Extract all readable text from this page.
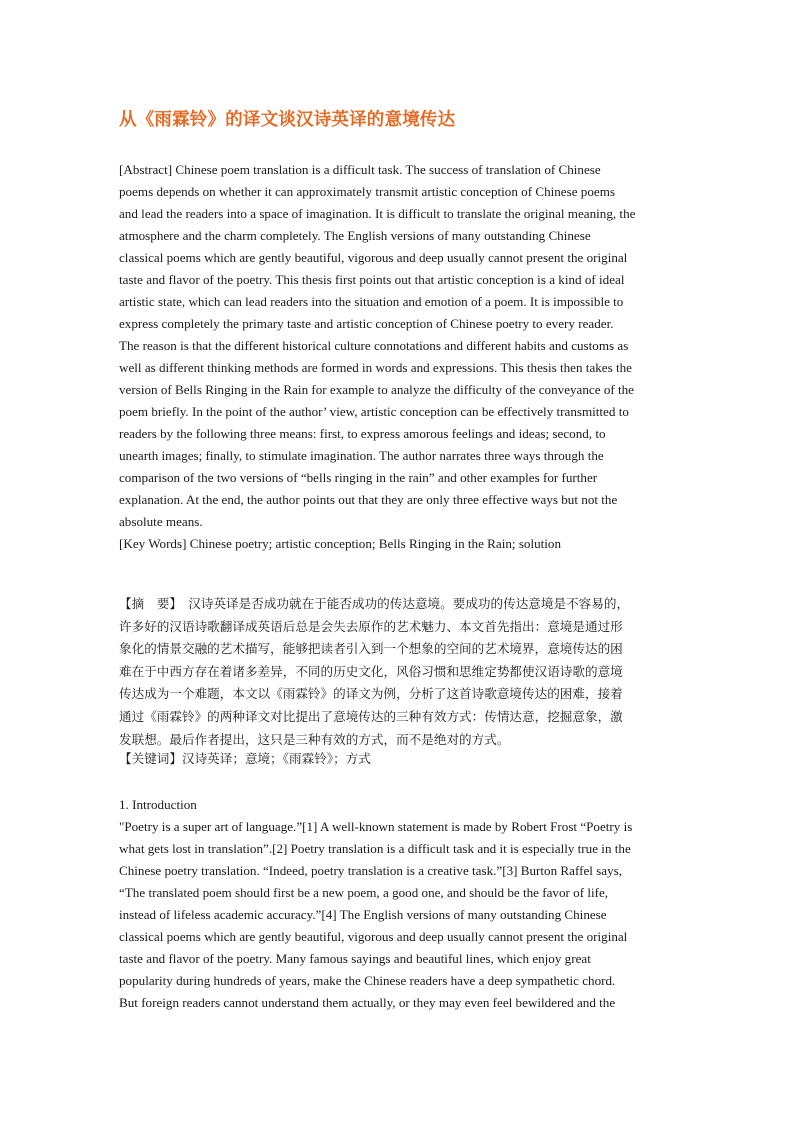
从《雨霖铃》的译文谈汉诗英译的意境传达
[Abstract] Chinese poem translation is a difficult task. The success of translation of Chinese
poems depends on whether it can approximately transmit artistic conception of Chinese poems
and lead the readers into a space of imagination. It is difficult to translate the original meaning, the
atmosphere and the charm completely. The English versions of many outstanding Chinese
classical poems which are gently beautiful, vigorous and deep usually cannot present the original
taste and flavor of the poetry. This thesis first points out that artistic conception is a kind of ideal
artistic state, which can lead readers into the situation and emotion of a poem. It is impossible to
express completely the primary taste and artistic conception of Chinese poetry to every reader.
The reason is that the different historical culture connotations and different habits and customs as
well as different thinking methods are formed in words and expressions. This thesis then takes the
version of Bells Ringing in the Rain for example to analyze the difficulty of the conveyance of the
poem briefly. In the point of the author’ view, artistic conception can be effectively transmitted to
readers by the following three means: first, to express amorous feelings and ideas; second, to
unearth images; finally, to stimulate imagination. The author narrates three ways through the
comparison of the two versions of “bells ringing in the rain” and other examples for further
explanation. At the end, the author points out that they are only three effective ways but not the
absolute means.
[Key Words] Chinese poetry; artistic conception; Bells Ringing in the Rain; solution
【摘　要】　汉诗英译是否成功就在于能否成功的传达意境。要成功的传达意境是不容易的，
许多好的汉语诗歌翻译成英语后总是会失去原作的艺术魅力、本文首先指出：意境是通过形
象化的情景交融的艺术描写，能够把读者引入到一个想象的空间的艺术境界，意境传达的困
难在于中西方存在着诸多差异，不同的历史文化，风俗习惯和思维定势都使汉语诗歌的意境
传达成为一个难题，本文以《雨霖铃》的译文为例，分析了这首诗歌意境传达的困难，接着
通过《雨霖铃》的两种译文对比提出了意境传达的三种有效方式：传情达意，挖掘意象，激
发联想。最后作者提出，这只是三种有效的方式，而不是绝对的方式。
【关键词】汉诗英译；意境；《雨霖铃》；方式
1. Introduction
"Poetry is a super art of language.”[1] A well-known statement is made by Robert Frost “Poetry is
what gets lost in translation”.[2] Poetry translation is a difficult task and it is especially true in the
Chinese poetry translation. “Indeed, poetry translation is a creative task.”[3] Burton Raffel says,
“The translated poem should first be a new poem, a good one, and should be the favor of life,
instead of lifeless academic accuracy.”[4] The English versions of many outstanding Chinese
classical poems which are gently beautiful, vigorous and deep usually cannot present the original
taste and flavor of the poetry. Many famous sayings and beautiful lines, which enjoy great
popularity during hundreds of years, make the Chinese readers have a deep sympathetic chord.
But foreign readers cannot understand them actually, or they may even feel bewildered and the
